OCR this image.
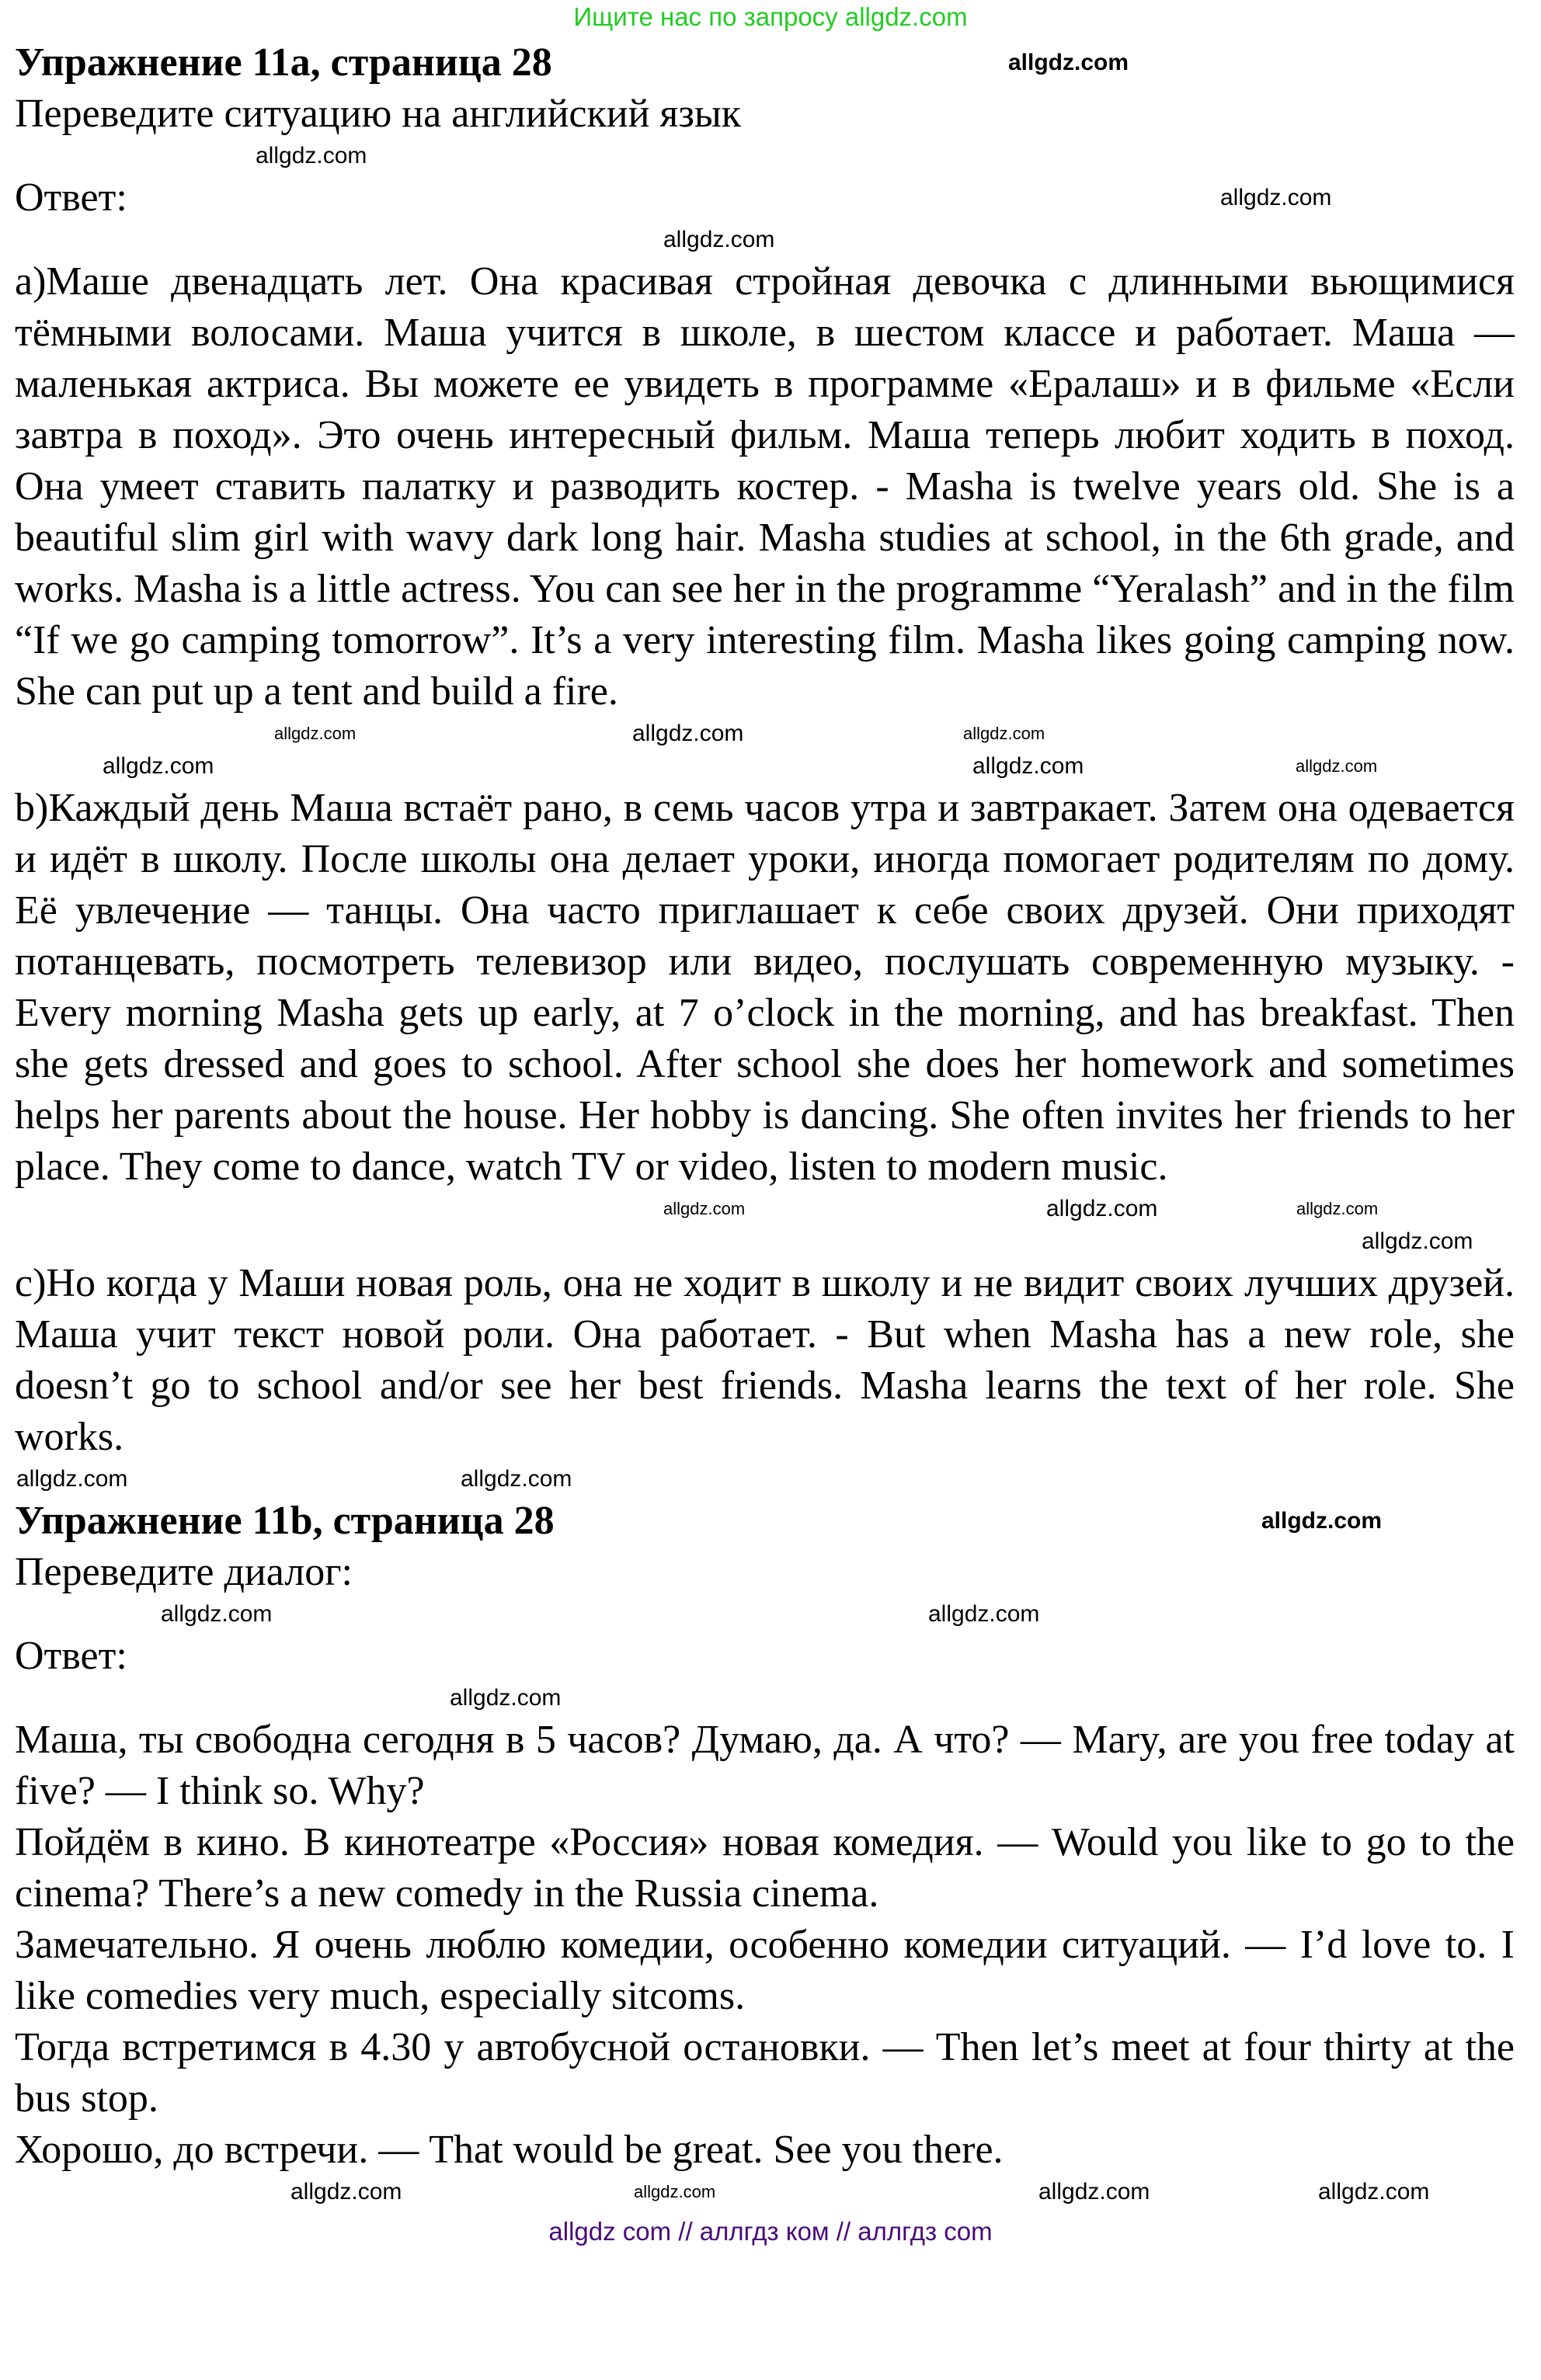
Ищите нас по запросу allgdz.com
Упражнение 11a, страница 28	allgdz.com
Переведите ситуацию на английский язык
allgdz.com
Ответ:	allgdz.com
allgdz.com

а)Маше двенадцать лет. Она красивая стройная девочка с длинными вьющимися тёмными волосами. Маша учится в школе, в шестом классе и работает. Маша — маленькая актриса. Вы можете ее увидеть в программе «Ералаш» и в фильме «Если завтра в поход». Это очень интересный фильм. Маша теперь любит ходить в поход. Она умеет ставить палатку и разводить костер. - Masha is twelve years old. She is a beautiful slim girl with wavy dark long hair. Masha studies at school, in the 6th grade, and works. Masha is a little actress. You can see her in the programme “Yeralash” and in the film “If we go camping tomorrow”. It’s a very interesting film. Masha likes going camping now. She can put up a tent and build a fire.

allgdz.com
allgdz.com	allgdz.com
allgdz.com
allgdz.com	allgdz.com

b)Каждый день Маша встаёт рано, в семь часов утра и завтракает. Затем она одевается и идёт в школу. После школы она делает уроки, иногда помогает родителям по дому. Её увлечение — танцы. Она часто приглашает к себе своих друзей. Они приходят потанцевать, посмотреть телевизор или видео, послушать современную музыку. - Every morning Masha gets up early, at 7 o’clock in the morning, and has breakfast. Then she gets dressed and goes to school. After school she does her homework and sometimes helps her parents about the house. Her hobby is dancing. She often invites her friends to her place. They come to dance, watch TV or video, listen to modern music.

allgdz.com	allgdz.com	allgdz.com
allgdz.com

c)Но когда у Маши новая роль, она не ходит в школу и не видит своих лучших друзей. Маша учит текст новой роли. Она работает. - But when Masha has a new role, she doesn’t go to school and/or see her best friends. Masha learns the text of her role. She works.

allgdz.com
allgdz.com
Упражнение 11b, страница 28	allgdz.com
Переведите диалог:
allgdz.com
allgdz.com
Ответ:
allgdz.com

Маша, ты свободна сегодня в 5 часов? Думаю, да. А что? — Mary, are you free today at five? — I think so. Why?

Пойдём в кино. В кинотеатре «Россия» новая комедия. — Would you like to go to the cinema? There’s a new comedy in the Russia cinema.

Замечательно. Я очень люблю комедии, особенно комедии ситуаций. — I’d love to. I like comedies very much, especially sitcoms.

Тогда встретимся в 4.30 у автобусной остановки. — Then let’s meet at four thirty at the bus stop.

Хорошо, до встречи. — That would be great. See you there.

allgdz.com
allgdz.com
allgdz.com
allgdz.com
allgdz com // аллгдз ком // аллгдз com
